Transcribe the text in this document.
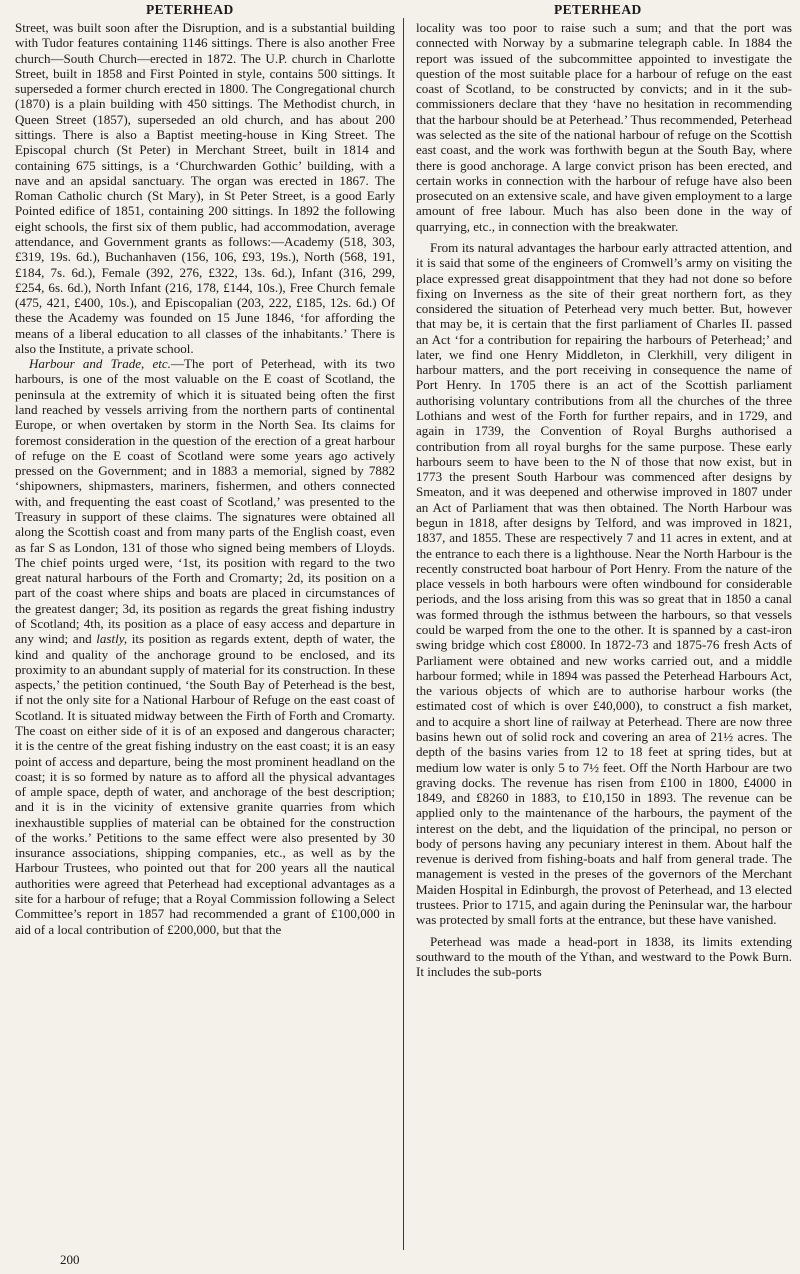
PETERHEAD	PETERHEAD

Street, was built soon after the Disruption, and is a substantial building with Tudor features containing 1146 sittings. There is also another Free church—South Church—erected in 1872. The U.P. church in Charlotte Street, built in 1858 and First Pointed in style, contains 500 sittings. It superseded a former church erected in 1800. The Congregational church (1870) is a plain building with 450 sittings. The Methodist church, in Queen Street (1857), superseded an old church, and has about 200 sittings. There is also a Baptist meeting-house in King Street. The Episcopal church (St Peter) in Merchant Street, built in 1814 and containing 675 sittings, is a ‘Churchwarden Gothic’ building, with a nave and an apsidal sanctuary. The organ was erected in 1867. The Roman Catholic church (St Mary), in St Peter Street, is a good Early Pointed edifice of 1851, containing 200 sittings. In 1892 the following eight schools, the first six of them public, had accommodation, average attendance, and Government grants as follows:—Academy (518, 303, £319, 19s. 6d.), Buchanhaven (156, 106, £93, 19s.), North (568, 191, £184, 7s. 6d.), Female (392, 276, £322, 13s. 6d.), Infant (316, 299, £254, 6s. 6d.), North Infant (216, 178, £144, 10s.), Free Church female (475, 421, £400, 10s.), and Episcopalian (203, 222, £185, 12s. 6d.) Of these the Academy was founded on 15 June 1846, ‘for affording the means of a liberal education to all classes of the inhabitants.’ There is also the Institute, a private school.

Harbour and Trade, etc.—The port of Peterhead, with its two harbours, is one of the most valuable on the E coast of Scotland, the peninsula at the extremity of which it is situated being often the first land reached by vessels arriving from the northern parts of continental Europe, or when overtaken by storm in the North Sea. Its claims for foremost consideration in the question of the erection of a great harbour of refuge on the E coast of Scotland were some years ago actively pressed on the Government; and in 1883 a memorial, signed by 7882 ‘shipowners, shipmasters, mariners, fishermen, and others connected with, and frequenting the east coast of Scotland,’ was presented to the Treasury in support of these claims. The signatures were obtained all along the Scottish coast and from many parts of the English coast, even as far S as London, 131 of those who signed being members of Lloyds. The chief points urged were, ‘1st, its position with regard to the two great natural harbours of the Forth and Cromarty; 2d, its position on a part of the coast where ships and boats are placed in circumstances of the greatest danger; 3d, its position as regards the great fishing industry of Scotland; 4th, its position as a place of easy access and departure in any wind; and lastly, its position as regards extent, depth of water, the kind and quality of the anchorage ground to be enclosed, and its proximity to an abundant supply of material for its construction. In these aspects,’ the petition continued, ‘the South Bay of Peterhead is the best, if not the only site for a National Harbour of Refuge on the east coast of Scotland. It is situated midway between the Firth of Forth and Cromarty. The coast on either side of it is of an exposed and dangerous character; it is the centre of the great fishing industry on the east coast; it is an easy point of access and departure, being the most prominent headland on the coast; it is so formed by nature as to afford all the physical advantages of ample space, depth of water, and anchorage of the best description; and it is in the vicinity of extensive granite quarries from which inexhaustible supplies of material can be obtained for the construction of the works.’ Petitions to the same effect were also presented by 30 insurance associations, shipping companies, etc., as well as by the Harbour Trustees, who pointed out that for 200 years all the nautical authorities were agreed that Peterhead had exceptional advantages as a site for a harbour of refuge; that a Royal Commission following a Select Committee’s report in 1857 had recommended a grant of £100,000 in aid of a local contribution of £200,000, but that the

locality was too poor to raise such a sum; and that the port was connected with Norway by a submarine telegraph cable. In 1884 the report was issued of the subcommittee appointed to investigate the question of the most suitable place for a harbour of refuge on the east coast of Scotland, to be constructed by convicts; and in it the sub-commissioners declare that they ‘have no hesitation in recommending that the harbour should be at Peterhead.’ Thus recommended, Peterhead was selected as the site of the national harbour of refuge on the Scottish east coast, and the work was forthwith begun at the South Bay, where there is good anchorage. A large convict prison has been erected, and certain works in connection with the harbour of refuge have also been prosecuted on an extensive scale, and have given employment to a large amount of free labour. Much has also been done in the way of quarrying, etc., in connection with the breakwater.

From its natural advantages the harbour early attracted attention, and it is said that some of the engineers of Cromwell’s army on visiting the place expressed great disappointment that they had not done so before fixing on Inverness as the site of their great northern fort, as they considered the situation of Peterhead very much better. But, however that may be, it is certain that the first parliament of Charles II. passed an Act ‘for a contribution for repairing the harbours of Peterhead;’ and later, we find one Henry Middleton, in Clerkhill, very diligent in harbour matters, and the port receiving in consequence the name of Port Henry. In 1705 there is an act of the Scottish parliament authorising voluntary contributions from all the churches of the three Lothians and west of the Forth for further repairs, and in 1729, and again in 1739, the Convention of Royal Burghs authorised a contribution from all royal burghs for the same purpose. These early harbours seem to have been to the N of those that now exist, but in 1773 the present South Harbour was commenced after designs by Smeaton, and it was deepened and otherwise improved in 1807 under an Act of Parliament that was then obtained. The North Harbour was begun in 1818, after designs by Telford, and was improved in 1821, 1837, and 1855. These are respectively 7 and 11 acres in extent, and at the entrance to each there is a lighthouse. Near the North Harbour is the recently constructed boat harbour of Port Henry. From the nature of the place vessels in both harbours were often windbound for considerable periods, and the loss arising from this was so great that in 1850 a canal was formed through the isthmus between the harbours, so that vessels could be warped from the one to the other. It is spanned by a cast-iron swing bridge which cost £8000. In 1872-73 and 1875-76 fresh Acts of Parliament were obtained and new works carried out, and a middle harbour formed; while in 1894 was passed the Peterhead Harbours Act, the various objects of which are to authorise harbour works (the estimated cost of which is over £40,000), to construct a fish market, and to acquire a short line of railway at Peterhead. There are now three basins hewn out of solid rock and covering an area of 21½ acres. The depth of the basins varies from 12 to 18 feet at spring tides, but at medium low water is only 5 to 7½ feet. Off the North Harbour are two graving docks. The revenue has risen from £100 in 1800, £4000 in 1849, and £8260 in 1883, to £10,150 in 1893. The revenue can be applied only to the maintenance of the harbours, the payment of the interest on the debt, and the liquidation of the principal, no person or body of persons having any pecuniary interest in them. About half the revenue is derived from fishing-boats and half from general trade. The management is vested in the preses of the governors of the Merchant Maiden Hospital in Edinburgh, the provost of Peterhead, and 13 elected trustees. Prior to 1715, and again during the Peninsular war, the harbour was protected by small forts at the entrance, but these have vanished.

Peterhead was made a head-port in 1838, its limits extending southward to the mouth of the Ythan, and westward to the Powk Burn. It includes the sub-ports

200
